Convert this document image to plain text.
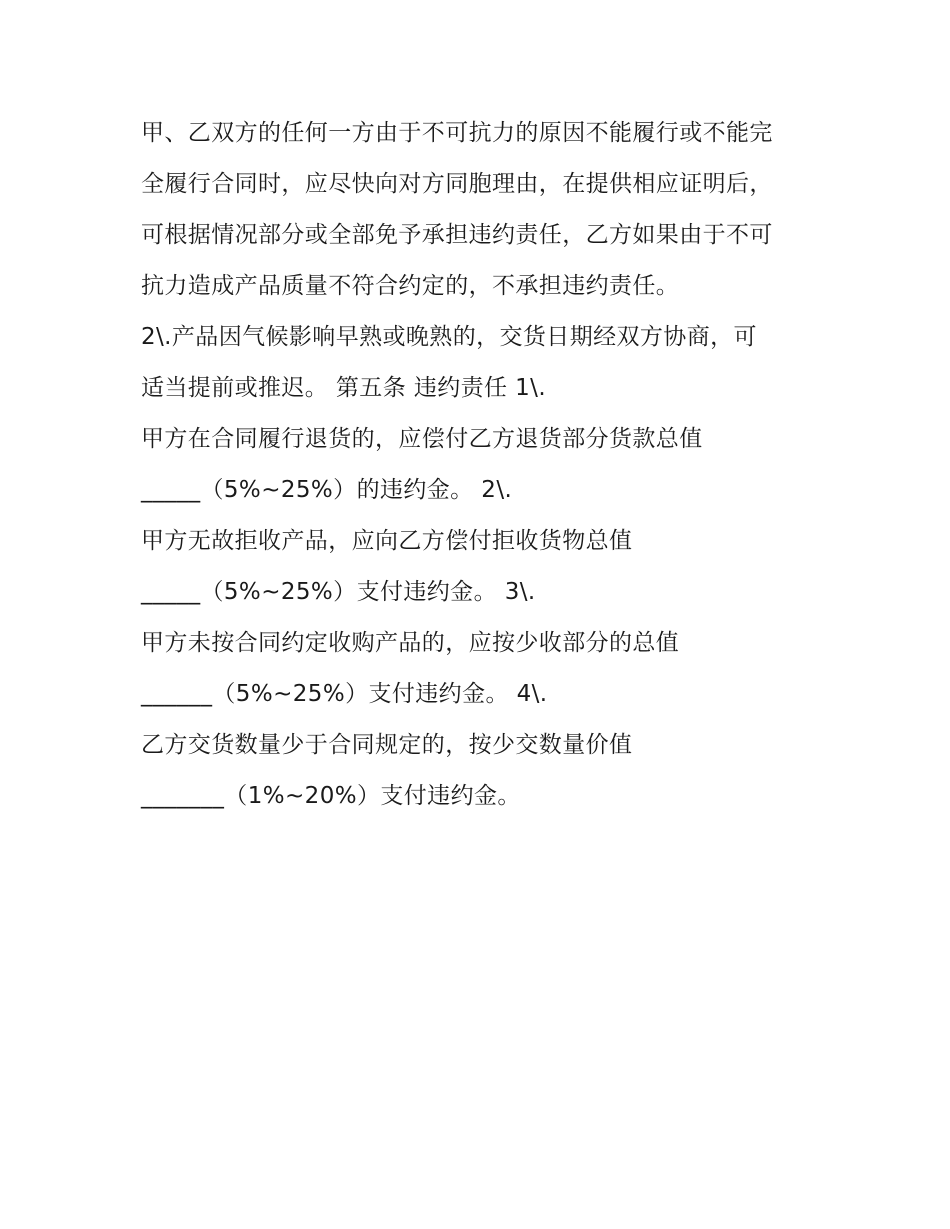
甲、乙双方的任何一方由于不可抗力的原因不能履行或不能完
全履行合同时，应尽快向对方同胞理由，在提供相应证明后，
可根据情况部分或全部免予承担违约责任，乙方如果由于不可
抗力造成产品质量不符合约定的，不承担违约责任。
2\.产品因气候影响早熟或晚熟的，交货日期经双方协商，可
适当提前或推迟。 第五条 违约责任 1\.
甲方在合同履行退货的，应偿付乙方退货部分货款总值
_____（5%~25%）的违约金。 2\.
甲方无故拒收产品，应向乙方偿付拒收货物总值
_____（5%~25%）支付违约金。 3\.
甲方未按合同约定收购产品的，应按少收部分的总值
______（5%~25%）支付违约金。 4\.
乙方交货数量少于合同规定的，按少交数量价值
_______（1%~20%）支付违约金。
